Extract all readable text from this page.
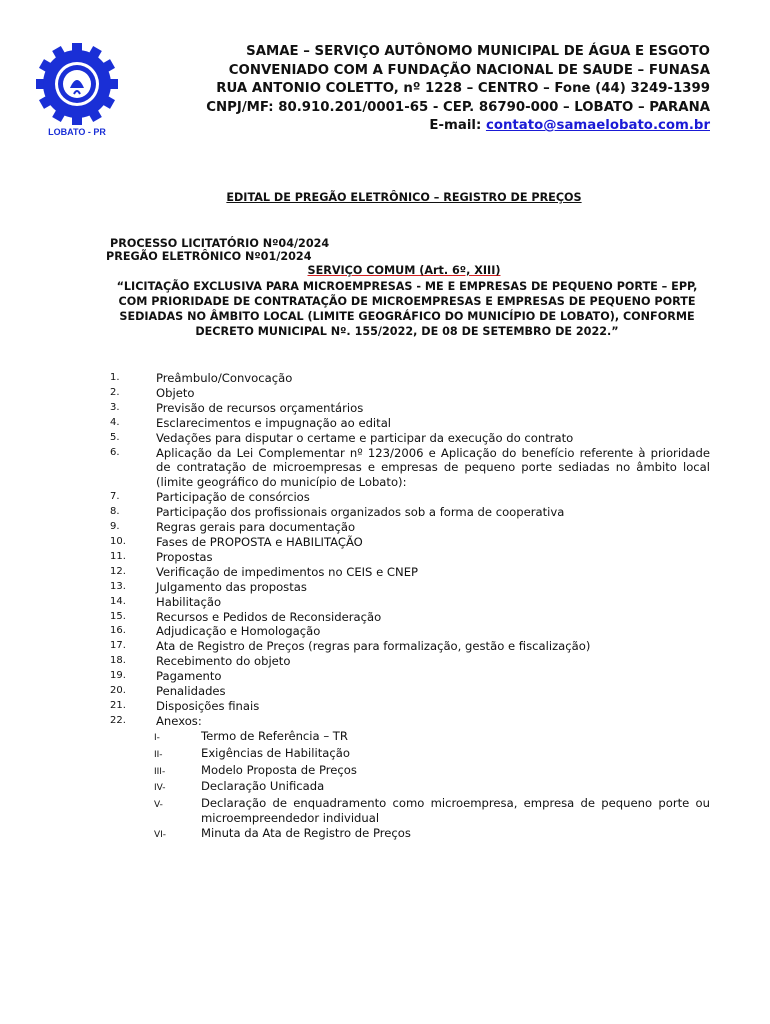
LOBATO - PR
SAMAE – SERVIÇO AUTÔNOMO MUNICIPAL DE ÁGUA E ESGOTO
CONVENIADO COM A FUNDAÇÃO NACIONAL DE SAUDE – FUNASA
RUA ANTONIO COLETTO, nº 1228 – CENTRO – Fone (44) 3249-1399
CNPJ/MF: 80.910.201/0001-65 - CEP. 86790-000 – LOBATO – PARANA
E-mail: contato@samaelobato.com.br
EDITAL DE PREGÃO ELETRÔNICO – REGISTRO DE PREÇOS
PROCESSO LICITATÓRIO Nº04/2024
PREGÃO ELETRÔNICO Nº01/2024
SERVIÇO COMUM (Art. 6º, XIII)
“LICITAÇÃO EXCLUSIVA PARA MICROEMPRESAS - ME E EMPRESAS DE PEQUENO PORTE – EPP, COM PRIORIDADE DE CONTRATAÇÃO DE MICROEMPRESAS E EMPRESAS DE PEQUENO PORTE SEDIADAS NO ÂMBITO LOCAL (LIMITE GEOGRÁFICO DO MUNICÍPIO DE LOBATO), CONFORME DECRETO MUNICIPAL Nº. 155/2022, DE 08 DE SETEMBRO DE 2022.”
1.	Preâmbulo/Convocação
2.	Objeto
3.	Previsão de recursos orçamentários
4.	Esclarecimentos e impugnação ao edital
5.	Vedações para disputar o certame e participar da execução do contrato
6.	Aplicação da Lei Complementar nº 123/2006 e Aplicação do benefício referente à prioridade de contratação de microempresas e empresas de pequeno porte sediadas no âmbito local (limite geográfico do município de Lobato):
7.	Participação de consórcios
8.	Participação dos profissionais organizados sob a forma de cooperativa
9.	Regras gerais para documentação
10.	Fases de PROPOSTA e HABILITAÇÃO
11.	Propostas
12.	Verificação de impedimentos no CEIS e CNEP
13.	Julgamento das propostas
14.	Habilitação
15.	Recursos e Pedidos de Reconsideração
16.	Adjudicação e Homologação
17.	Ata de Registro de Preços (regras para formalização, gestão e fiscalização)
18.	Recebimento do objeto
19.	Pagamento
20.	Penalidades
21.	Disposições finais
22.	Anexos:
I-	Termo de Referência – TR
II-	Exigências de Habilitação
III-	Modelo Proposta de Preços
IV-	Declaração Unificada
V-	Declaração de enquadramento como microempresa, empresa de pequeno porte ou microempreendedor individual
VI-	Minuta da Ata de Registro de Preços
